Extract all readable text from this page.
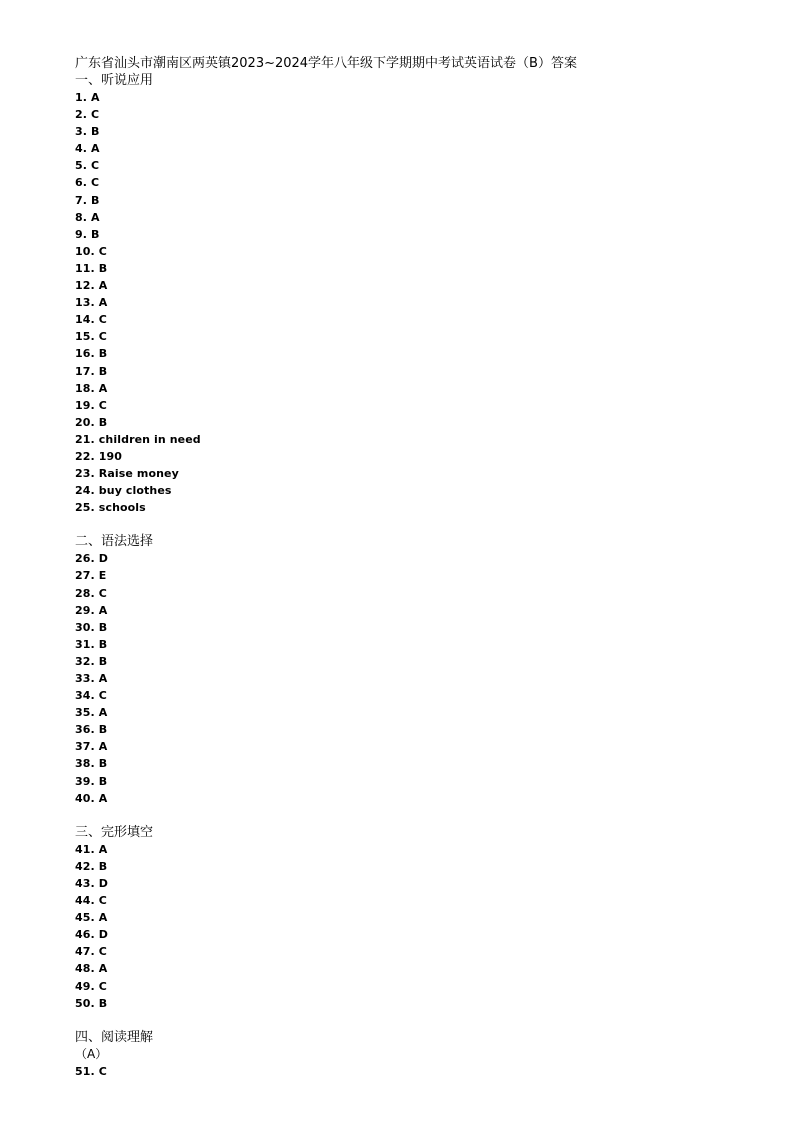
广东省汕头市潮南区两英镇2023~2024学年八年级下学期期中考试英语试卷（B）答案
一、听说应用
1. A
2. C
3. B
4. A
5. C
6. C
7. B
8. A
9. B
10. C
11. B
12. A
13. A
14. C
15. C
16. B
17. B
18. A
19. C
20. B
21. children in need
22. 190
23. Raise money
24. buy clothes
25. schools
二、语法选择
26. D
27. E
28. C
29. A
30. B
31. B
32. B
33. A
34. C
35. A
36. B
37. A
38. B
39. B
40. A
三、完形填空
41. A
42. B
43. D
44. C
45. A
46. D
47. C
48. A
49. C
50. B
四、阅读理解
（A）
51. C
